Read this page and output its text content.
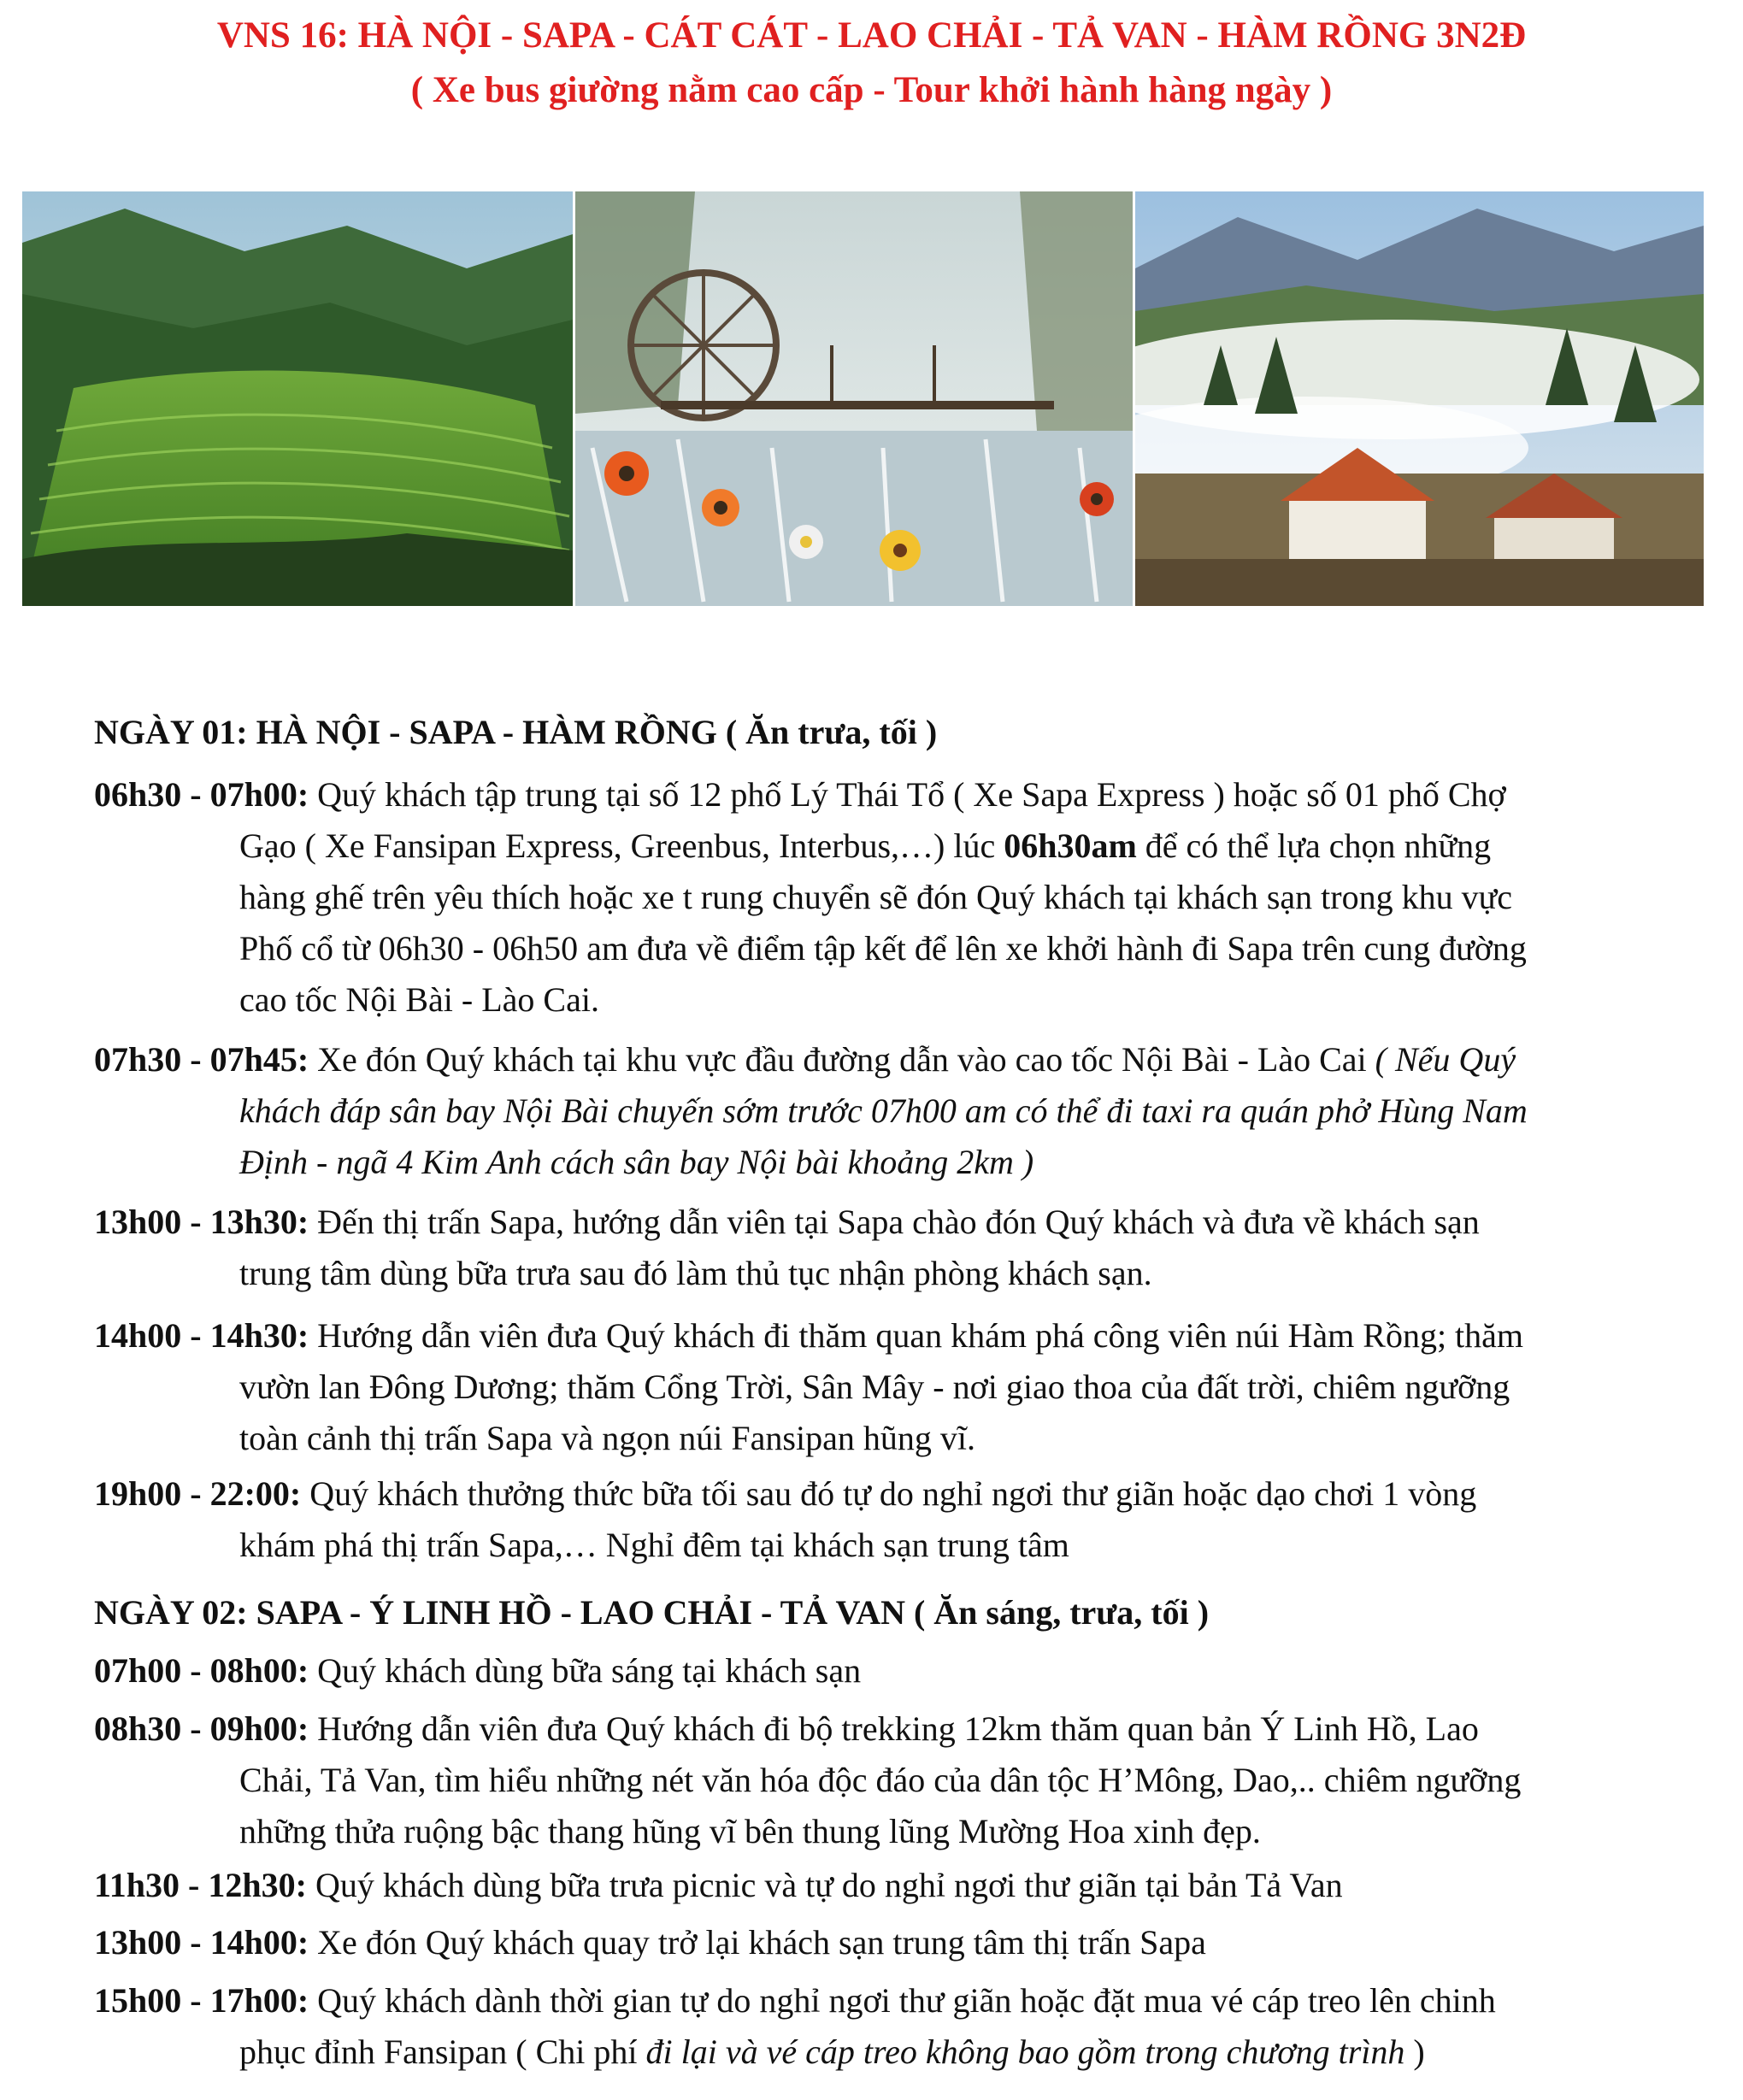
VNS 16: HÀ NỘI - SAPA - CÁT CÁT - LAO CHẢI - TẢ VAN - HÀM RỒNG 3N2Đ
( Xe bus giường nằm cao cấp - Tour khởi hành hàng ngày )
NGÀY 01: HÀ NỘI - SAPA - HÀM RỒNG ( Ăn trưa, tối )
06h30 - 07h00: Quý khách tập trung tại số 12 phố Lý Thái Tổ ( Xe Sapa Express ) hoặc số 01 phố Chợ
Gạo ( Xe Fansipan Express, Greenbus, Interbus,…) lúc 06h30am để có thể lựa chọn những
hàng ghế trên yêu thích hoặc xe t rung chuyển sẽ đón Quý khách tại khách sạn trong khu vực
Phố cổ từ 06h30 - 06h50 am đưa về điểm tập kết để lên xe khởi hành đi Sapa trên cung đường
cao tốc Nội Bài - Lào Cai.
07h30 - 07h45: Xe đón Quý khách tại khu vực đầu đường dẫn vào cao tốc Nội Bài - Lào Cai ( Nếu Quý
khách đáp sân bay Nội Bài chuyến sớm trước 07h00 am có thể đi taxi ra quán phở Hùng Nam
Định - ngã 4 Kim Anh cách sân bay Nội bài khoảng 2km )
13h00 - 13h30: Đến thị trấn Sapa, hướng dẫn viên tại Sapa chào đón Quý khách và đưa về khách sạn
trung tâm dùng bữa trưa sau đó làm thủ tục nhận phòng khách sạn.
14h00 - 14h30: Hướng dẫn viên đưa Quý khách đi thăm quan khám phá công viên núi Hàm Rồng; thăm
vườn lan Đông Dương; thăm Cổng Trời, Sân Mây - nơi giao thoa của đất trời, chiêm ngưỡng
toàn cảnh thị trấn Sapa và ngọn núi Fansipan hũng vĩ.
19h00 - 22:00: Quý khách thưởng thức bữa tối sau đó tự do nghỉ ngơi thư giãn hoặc dạo chơi 1 vòng
khám phá thị trấn Sapa,… Nghỉ đêm tại khách sạn trung tâm
NGÀY 02: SAPA - Ý LINH HỒ - LAO CHẢI - TẢ VAN ( Ăn sáng, trưa, tối )
07h00 - 08h00: Quý khách dùng bữa sáng tại khách sạn
08h30 - 09h00: Hướng dẫn viên đưa Quý khách đi bộ trekking 12km thăm quan bản Ý Linh Hồ, Lao
Chải, Tả Van, tìm hiểu những nét văn hóa độc đáo của dân tộc H’Mông, Dao,.. chiêm ngưỡng
những thửa ruộng bậc thang hũng vĩ bên thung lũng Mường Hoa xinh đẹp.
11h30 - 12h30: Quý khách dùng bữa trưa picnic và tự do nghỉ ngơi thư giãn tại bản Tả Van
13h00 - 14h00: Xe đón Quý khách quay trở lại khách sạn trung tâm thị trấn Sapa
15h00 - 17h00: Quý khách dành thời gian tự do nghỉ ngơi thư giãn hoặc đặt mua vé cáp treo lên chinh
phục đỉnh Fansipan ( Chi phí đi lại và vé cáp treo không bao gồm trong chương trình )
